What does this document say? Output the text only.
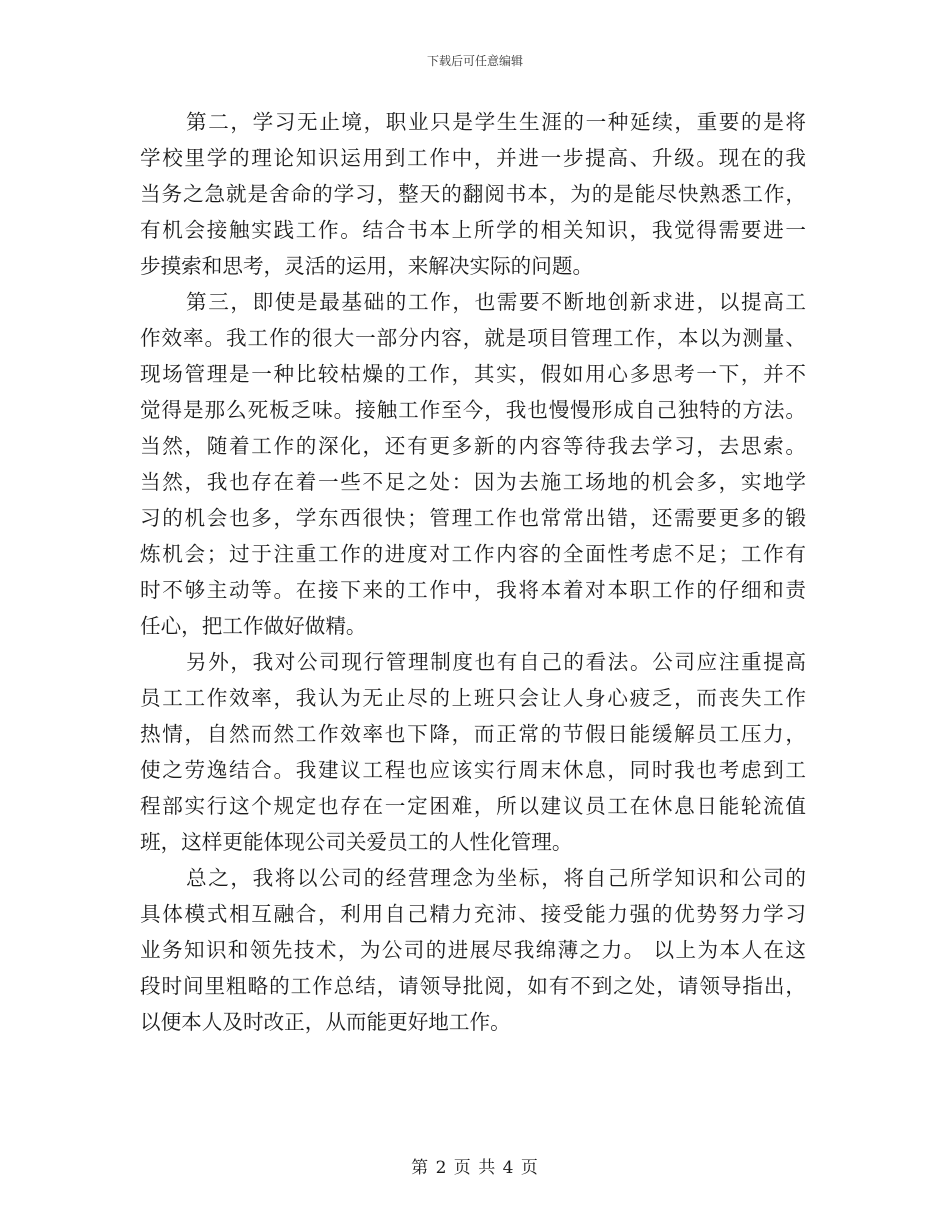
下载后可任意编辑
第二，学习无止境，职业只是学生生涯的一种延续，重要的是将
学校里学的理论知识运用到工作中，并进一步提高、升级。现在的我
当务之急就是舍命的学习，整天的翻阅书本，为的是能尽快熟悉工作，
有机会接触实践工作。结合书本上所学的相关知识，我觉得需要进一
步摸索和思考，灵活的运用，来解决实际的问题。
第三，即使是最基础的工作，也需要不断地创新求进，以提高工
作效率。我工作的很大一部分内容，就是项目管理工作，本以为测量、
现场管理是一种比较枯燥的工作，其实，假如用心多思考一下，并不
觉得是那么死板乏味。接触工作至今，我也慢慢形成自己独特的方法。
当然，随着工作的深化，还有更多新的内容等待我去学习，去思索。
当然，我也存在着一些不足之处：因为去施工场地的机会多，实地学
习的机会也多，学东西很快；管理工作也常常出错，还需要更多的锻
炼机会；过于注重工作的进度对工作内容的全面性考虑不足；工作有
时不够主动等。在接下来的工作中，我将本着对本职工作的仔细和责
任心，把工作做好做精。
另外，我对公司现行管理制度也有自己的看法。公司应注重提高
员工工作效率，我认为无止尽的上班只会让人身心疲乏，而丧失工作
热情，自然而然工作效率也下降，而正常的节假日能缓解员工压力，
使之劳逸结合。我建议工程也应该实行周末休息，同时我也考虑到工
程部实行这个规定也存在一定困难，所以建议员工在休息日能轮流值
班，这样更能体现公司关爱员工的人性化管理。
总之，我将以公司的经营理念为坐标，将自己所学知识和公司的
具体模式相互融合，利用自己精力充沛、接受能力强的优势努力学习
业务知识和领先技术，为公司的进展尽我绵薄之力。 以上为本人在这
段时间里粗略的工作总结，请领导批阅，如有不到之处，请领导指出，
以便本人及时改正，从而能更好地工作。
第 2 页 共 4 页
